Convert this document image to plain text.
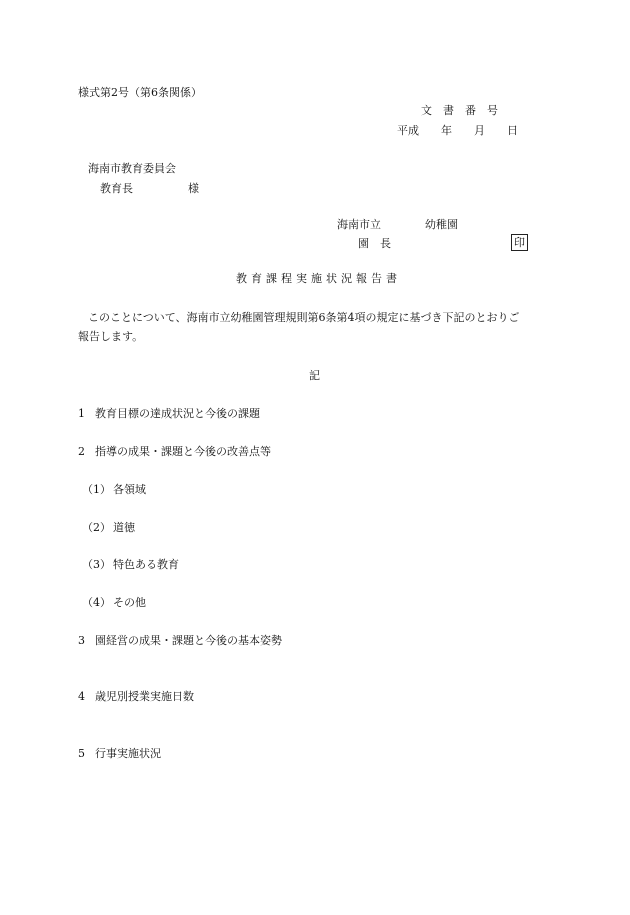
様式第2号（第6条関係）
文　書　番　号
平成　　年　　月　　日
海南市教育委員会
教育長　　　　　様
海南市立　　　　幼稚園
園　長	印
教育課程実施状況報告書
このことについて、海南市立幼稚園管理規則第6条第4項の規定に基づき下記のとおりご
報告します。
記
1 教育目標の達成状況と今後の課題
2 指導の成果・課題と今後の改善点等
（1） 各領域
（2） 道徳
（3） 特色ある教育
（4） その他
3 園経営の成果・課題と今後の基本姿勢
4 歳児別授業実施日数
5 行事実施状況
